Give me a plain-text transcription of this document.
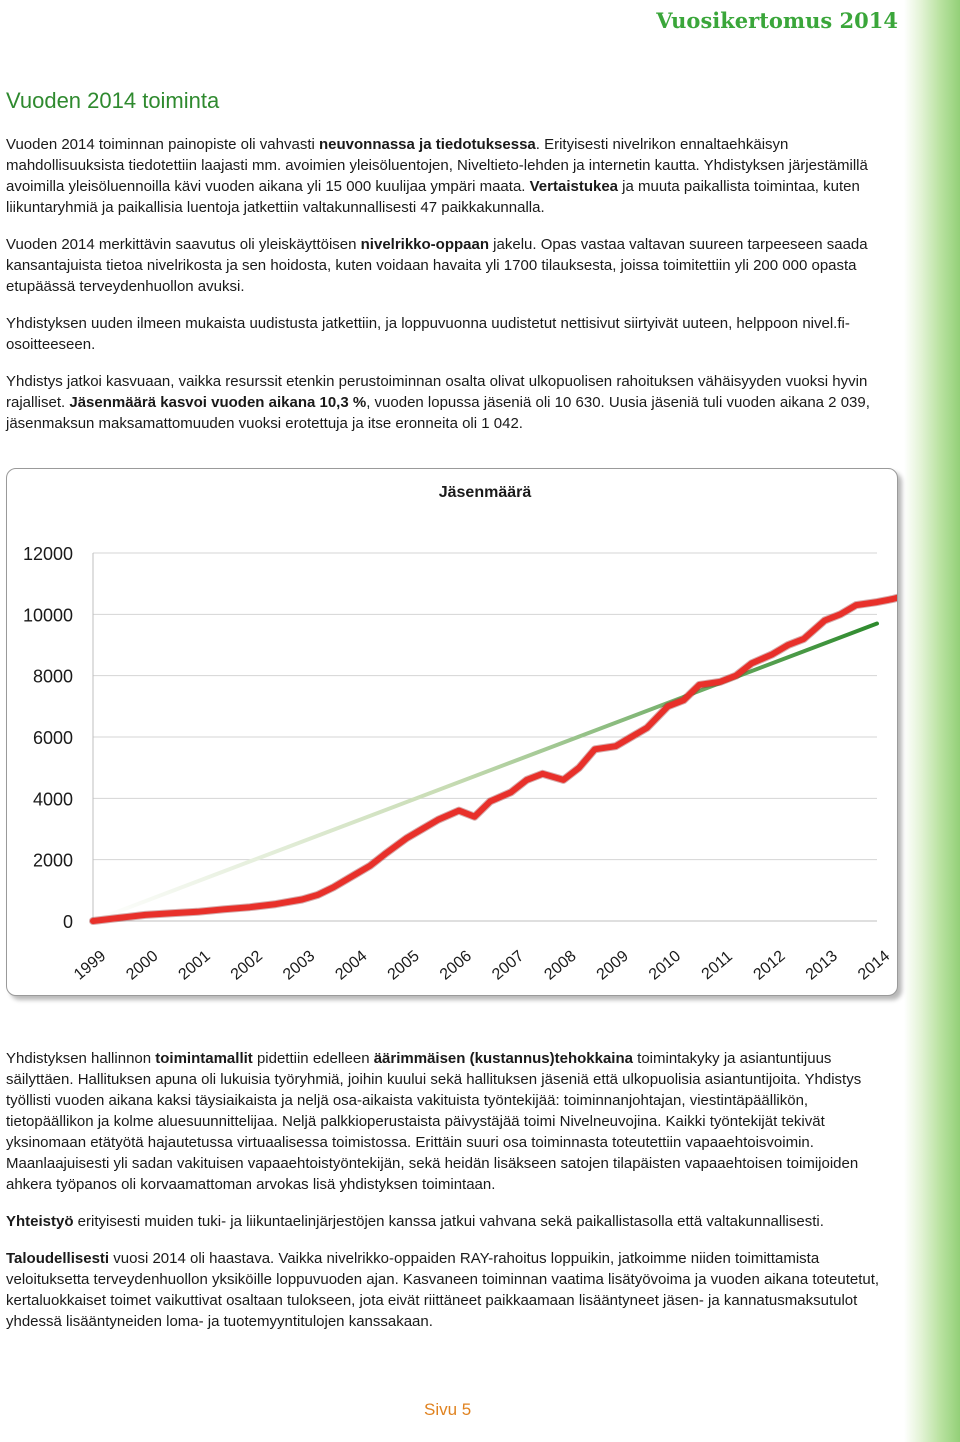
Vuosikertomus 2014
Vuoden 2014 toiminta

Vuoden 2014 toiminnan painopiste oli vahvasti neuvonnassa ja tiedotuksessa. Erityisesti nivelrikon ennaltaehkäisyn mahdollisuuksista tiedotettiin laajasti mm. avoimien yleisöluentojen, Niveltieto-lehden ja internetin kautta. Yhdistyksen järjestämillä avoimilla yleisöluennoilla kävi vuoden aikana yli 15 000 kuulijaa ympäri maata. Vertaistukea ja muuta paikallista toimintaa, kuten liikuntaryhmiä ja paikallisia luentoja jatkettiin valtakunnallisesti 47 paikkakunnalla.

Vuoden 2014 merkittävin saavutus oli yleiskäyttöisen nivelrikko-oppaan jakelu. Opas vastaa valtavan suureen tarpeeseen saada kansantajuista tietoa nivelrikosta ja sen hoidosta, kuten voidaan havaita yli 1700 tilauksesta, joissa toimitettiin yli 200 000 opasta etupäässä terveydenhuollon avuksi.

Yhdistyksen uuden ilmeen mukaista uudistusta jatkettiin, ja loppuvuonna uudistetut nettisivut siirtyivät uuteen, helppoon nivel.fi-osoitteeseen.

Yhdistys jatkoi kasvuaan, vaikka resurssit etenkin perustoiminnan osalta olivat ulkopuolisen rahoituksen vähäisyyden vuoksi hyvin rajalliset. Jäsenmäärä kasvoi vuoden aikana 10,3 %, vuoden lopussa jäseniä oli 10 630. Uusia jäseniä tuli vuoden aikana 2 039, jäsenmaksun maksamattomuuden vuoksi erotettuja ja itse eronneita oli 1 042.

Jäsenmäärä
0
2000
4000
6000
8000
10000
12000
1999 2000 2001 2002 2003 2004 2005 2006 2007 2008 2009 2010 2011 2012 2013 2014

Yhdistyksen hallinnon toimintamallit pidettiin edelleen äärimmäisen (kustannus)tehokkaina toimintakyky ja asiantuntijuus säilyttäen. Hallituksen apuna oli lukuisia työryhmiä, joihin kuului sekä hallituksen jäseniä että ulkopuolisia asiantuntijoita. Yhdistys työllisti vuoden aikana kaksi täysiaikaista ja neljä osa-aikaista vakituista työntekijää: toiminnanjohtajan, viestintäpäällikön, tietopäällikon ja kolme aluesuunnittelijaa. Neljä palkkioperustaista päivystäjää toimi Nivelneuvojina. Kaikki työntekijät tekivät yksinomaan etätyötä hajautetussa virtuaalisessa toimistossa. Erittäin suuri osa toiminnasta toteutettiin vapaaehtoisvoimin. Maanlaajuisesti yli sadan vakituisen vapaaehtoistyöntekijän, sekä heidän lisäkseen satojen tilapäisten vapaaehtoisen toimijoiden ahkera työpanos oli korvaamattoman arvokas lisä yhdistyksen toimintaan.

Yhteistyö erityisesti muiden tuki- ja liikuntaelinjärjestöjen kanssa jatkui vahvana sekä paikallistasolla että valtakunnallisesti.

Taloudellisesti vuosi 2014 oli haastava. Vaikka nivelrikko-oppaiden RAY-rahoitus loppuikin, jatkoimme niiden toimittamista veloituksetta terveydenhuollon yksiköille loppuvuoden ajan. Kasvaneen toiminnan vaatima lisätyövoima ja vuoden aikana toteutetut, kertaluokkaiset toimet vaikuttivat osaltaan tulokseen, jota eivät riittäneet paikkaamaan lisääntyneet jäsen- ja kannatusmaksutulot yhdessä lisääntyneiden loma- ja tuotemyyntitulojen kanssakaan.

Sivu 5
